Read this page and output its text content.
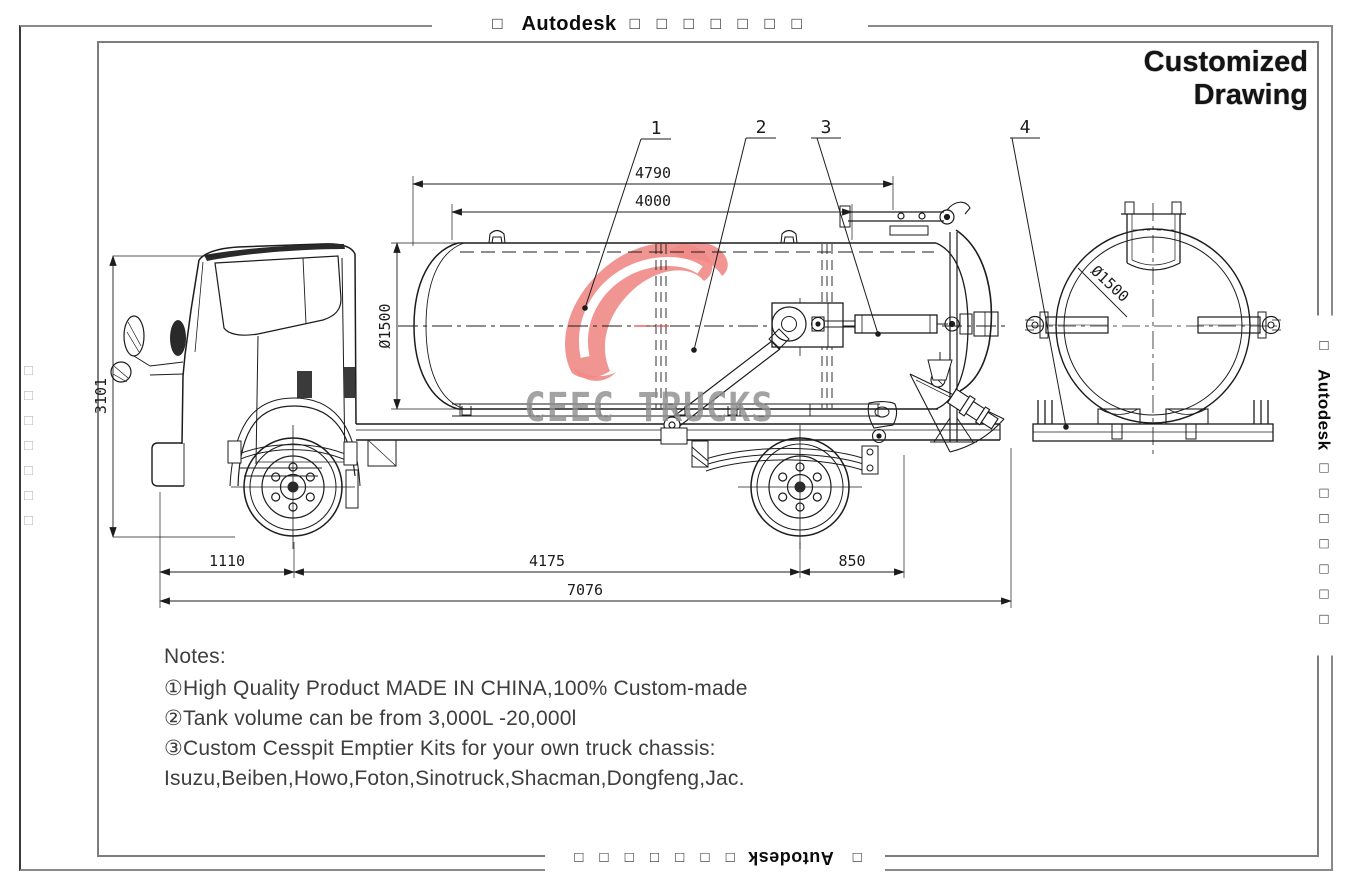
CEEC TRUCKS
4790
4000
Ø1500
3101
1110	4175	850
7076
1	2	3	4
Ø1500
□ Autodesk □ □ □ □ □ □ □
□
Autodesk
□ □ □ □ □ □ □
□
Autodesk
□ □ □ □ □ □ □
□□□□□□□
Customized Drawing
Notes:
①High Quality Product MADE IN CHINA,100% Custom-made
②Tank volume can be from 3,000L -20,000l
③Custom Cesspit Emptier Kits for your own truck chassis:
Isuzu,Beiben,Howo,Foton,Sinotruck,Shacman,Dongfeng,Jac.
